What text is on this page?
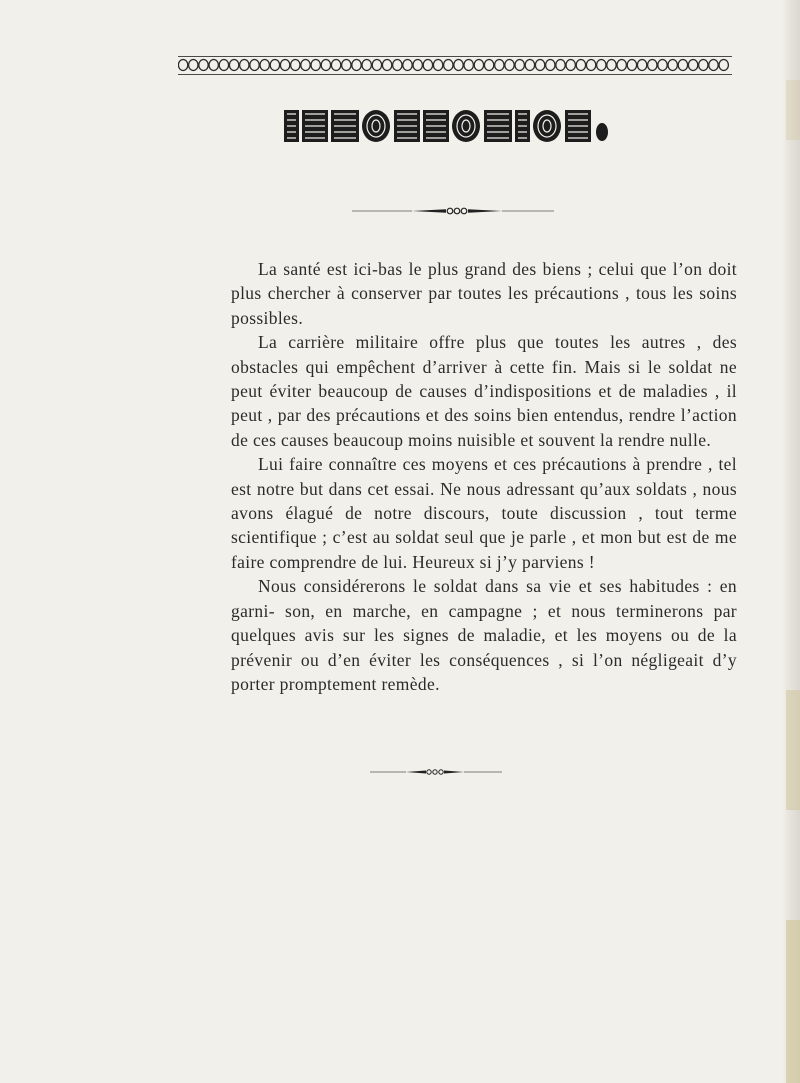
La santé est ici-bas le plus grand des biens ; celui que l’on doit plus chercher à conserver par toutes les précautions , tous les soins possibles.

La carrière militaire offre plus que toutes les autres , des obstacles qui empêchent d’arriver à cette fin. Mais si le soldat ne peut éviter beaucoup de causes d’indispositions et de maladies , il peut , par des précautions et des soins bien entendus, rendre l’action de ces causes beaucoup moins nuisible et souvent la rendre nulle.

Lui faire connaître ces moyens et ces précautions à prendre , tel est notre but dans cet essai. Ne nous adressant qu’aux soldats , nous avons élagué de notre discours, toute discussion , tout terme scientifique ; c’est au soldat seul que je parle , et mon but est de me faire comprendre de lui. Heureux si j’y parviens !

Nous considérerons le soldat dans sa vie et ses habitudes : en garni- son, en marche, en campagne ; et nous terminerons par quelques avis sur les signes de maladie, et les moyens ou de la prévenir ou d’en éviter les conséquences , si l’on négligeait d’y porter promptement remède.
